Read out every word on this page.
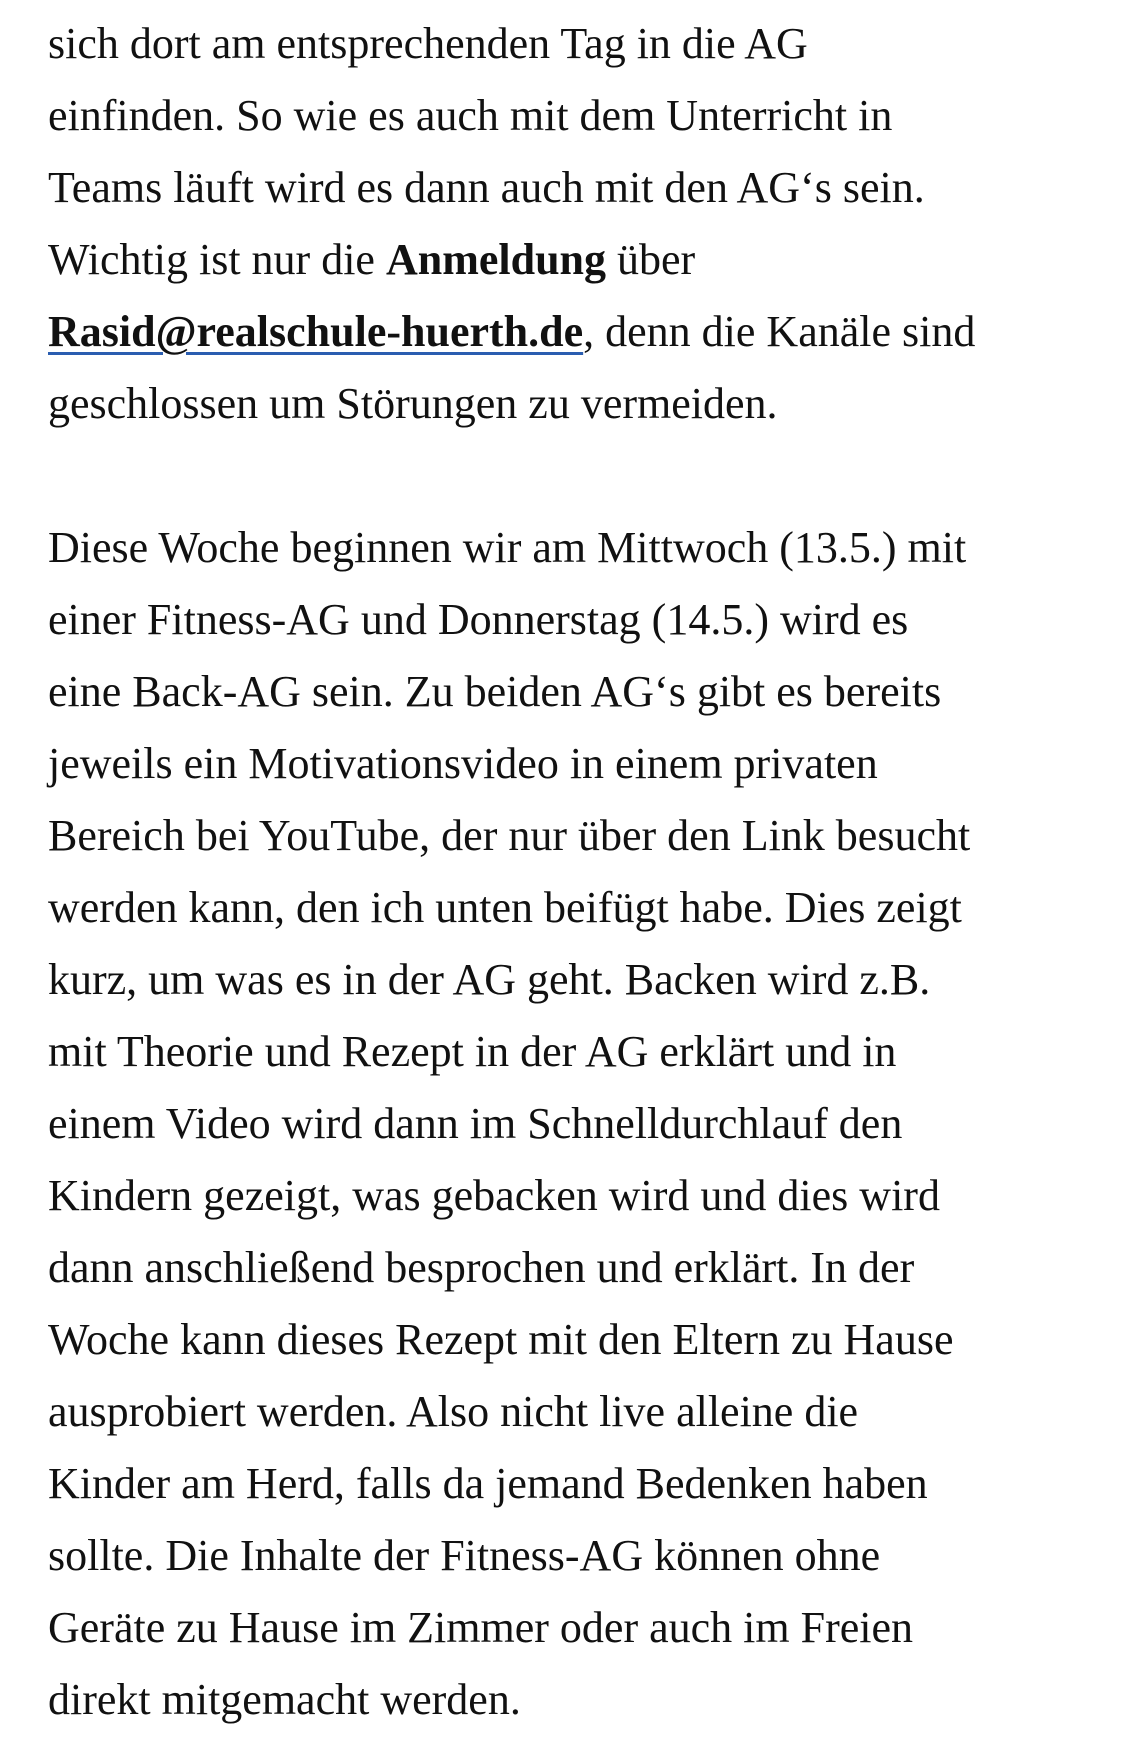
sich dort am entsprechenden Tag in die AG
einfinden. So wie es auch mit dem Unterricht in
Teams läuft wird es dann auch mit den AG‘s sein.
Wichtig ist nur die Anmeldung über
Rasid@realschule-huerth.de, denn die Kanäle sind
geschlossen um Störungen zu vermeiden.

Diese Woche beginnen wir am Mittwoch (13.5.) mit
einer Fitness-AG und Donnerstag (14.5.) wird es
eine Back-AG sein. Zu beiden AG‘s gibt es bereits
jeweils ein Motivationsvideo in einem privaten
Bereich bei YouTube, der nur über den Link besucht
werden kann, den ich unten beifügt habe. Dies zeigt
kurz, um was es in der AG geht. Backen wird z.B.
mit Theorie und Rezept in der AG erklärt und in
einem Video wird dann im Schnelldurchlauf den
Kindern gezeigt, was gebacken wird und dies wird
dann anschließend besprochen und erklärt. In der
Woche kann dieses Rezept mit den Eltern zu Hause
ausprobiert werden. Also nicht live alleine die
Kinder am Herd, falls da jemand Bedenken haben
sollte. Die Inhalte der Fitness-AG können ohne
Geräte zu Hause im Zimmer oder auch im Freien
direkt mitgemacht werden.
